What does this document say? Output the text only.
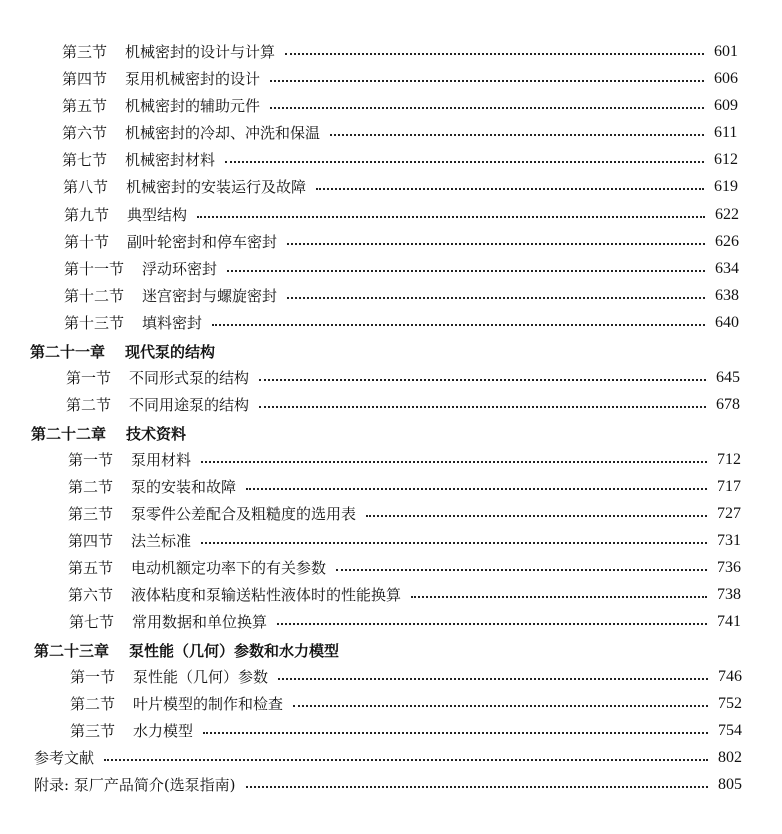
第三节 机械密封的设计与计算	601
第四节 泵用机械密封的设计	606
第五节 机械密封的辅助元件	609
第六节 机械密封的冷却、冲洗和保温	611
第七节 机械密封材料	612
第八节 机械密封的安装运行及故障	619
第九节 典型结构	622
第十节 副叶轮密封和停车密封	626
第十一节 浮动环密封	634
第十二节 迷宫密封与螺旋密封	638
第十三节 填料密封	640
第二十一章 现代泵的结构
第一节 不同形式泵的结构	645
第二节 不同用途泵的结构	678
第二十二章 技术资料
第一节 泵用材料	712
第二节 泵的安装和故障	717
第三节 泵零件公差配合及粗糙度的选用表	727
第四节 法兰标准	731
第五节 电动机额定功率下的有关参数	736
第六节 液体粘度和泵输送粘性液体时的性能换算	738
第七节 常用数据和单位换算	741
第二十三章 泵性能（几何）参数和水力模型
第一节 泵性能（几何）参数	746
第二节 叶片模型的制作和检查	752
第三节 水力模型	754
参考文献	802
附录: 泵厂产品简介(选泵指南)	805
